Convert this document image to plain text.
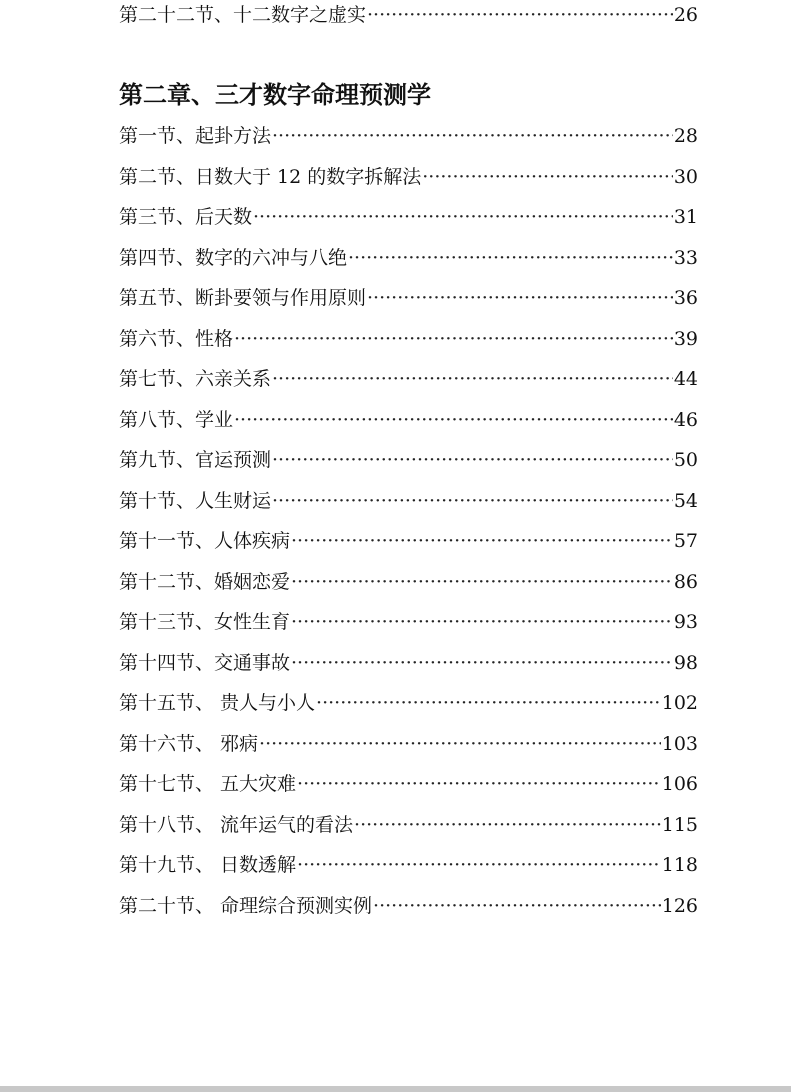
第二十二节、十二数字之虚实 ·····	26
第二章、三才数字命理预测学
第一节、起卦方法 ·····	28
第二节、日数大于 12 的数字拆解法 ·····	30
第三节、后天数 ·····	31
第四节、数字的六冲与八绝 ·····	33
第五节、断卦要领与作用原则 ·····	36
第六节、性格 ·····	39
第七节、六亲关系 ·····	44
第八节、学业 ·····	46
第九节、官运预测 ·····	50
第十节、人生财运 ·····	54
第十一节、人体疾病 ·····	57
第十二节、婚姻恋爱 ·····	86
第十三节、女性生育 ·····	93
第十四节、交通事故 ·····	98
第十五节、 贵人与小人 ·····	102
第十六节、 邪病 ·····	103
第十七节、 五大灾难 ·····	106
第十八节、 流年运气的看法 ·····	115
第十九节、 日数透解 ·····	118
第二十节、 命理综合预测实例 ·····	126
